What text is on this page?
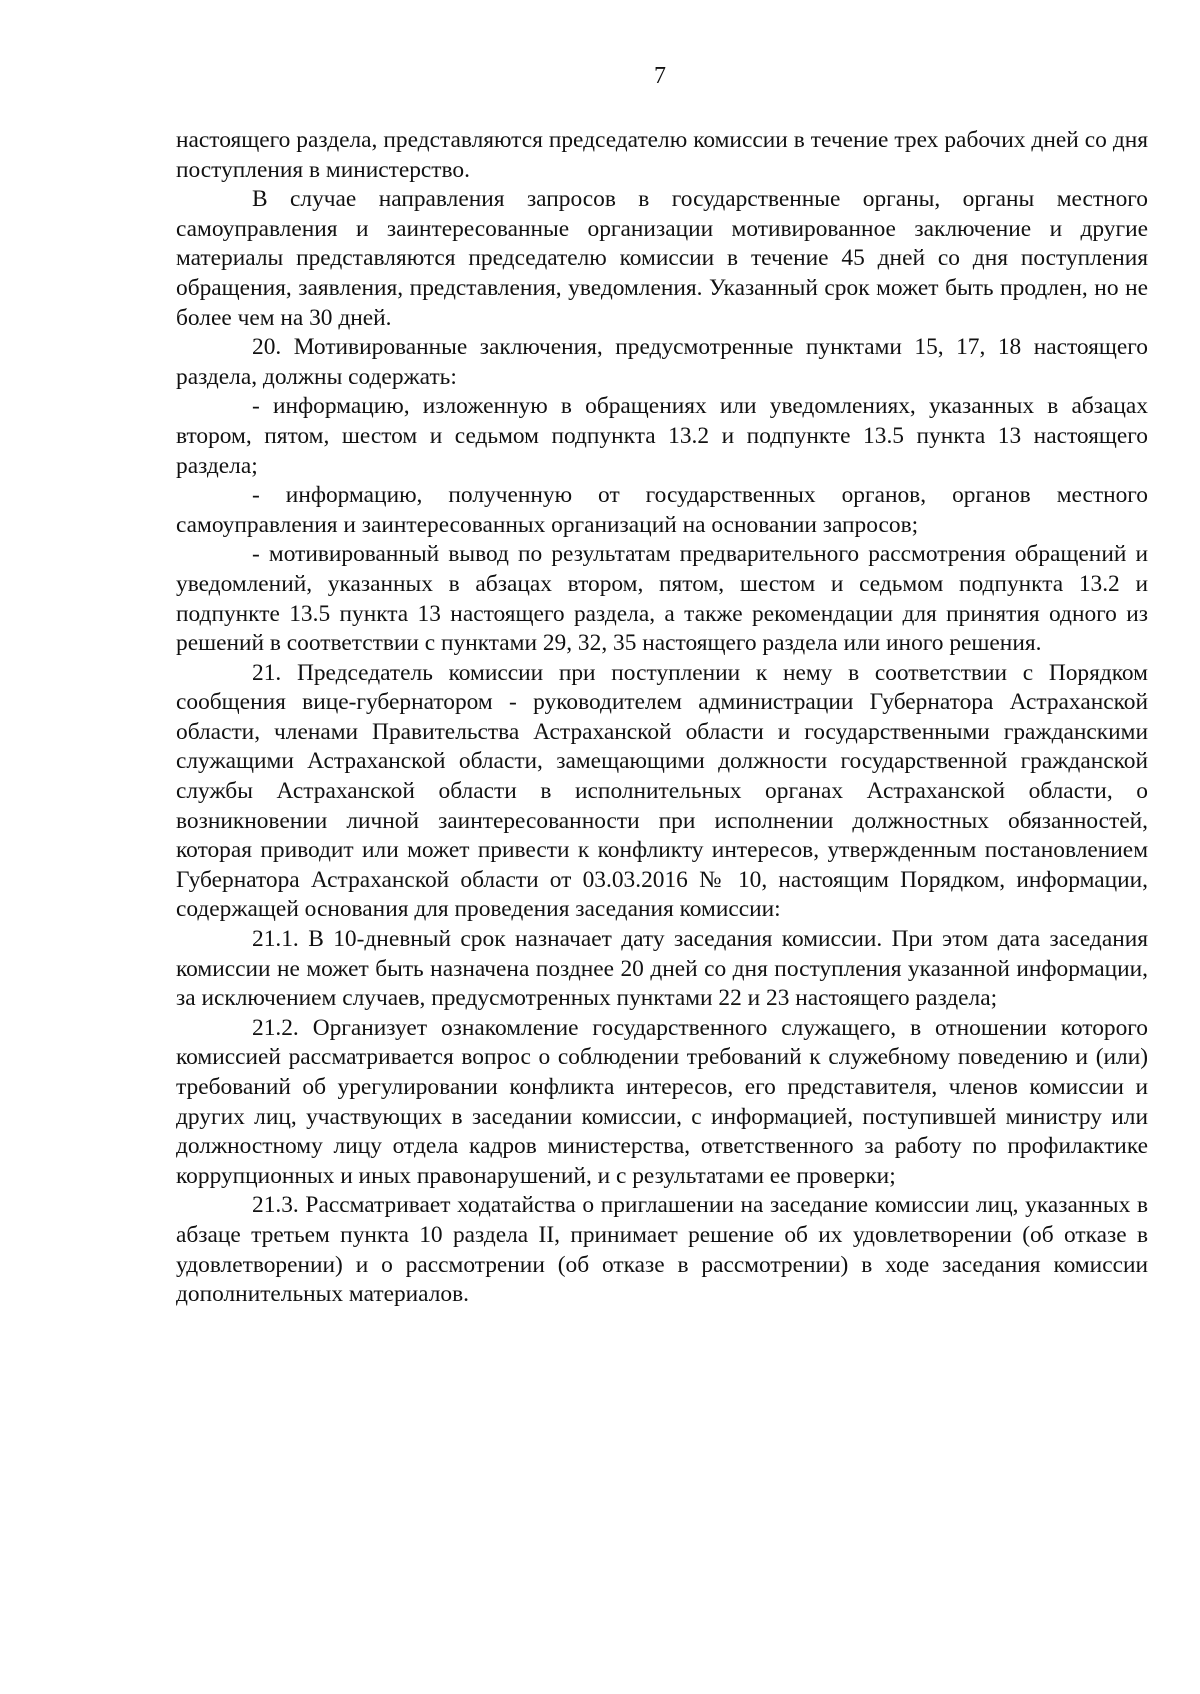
7

настоящего раздела, представляются председателю комиссии в течение трех рабочих дней со дня поступления в министерство.

В случае направления запросов в государственные органы, органы местного самоуправления и заинтересованные организации мотивированное заключение и другие материалы представляются председателю комиссии в течение 45 дней со дня поступления обращения, заявления, представления, уведомления. Указанный срок может быть продлен, но не более чем на 30 дней.

20. Мотивированные заключения, предусмотренные пунктами 15, 17, 18 настоящего раздела, должны содержать:

- информацию, изложенную в обращениях или уведомлениях, указанных в абзацах втором, пятом, шестом и седьмом подпункта 13.2 и подпункте 13.5 пункта 13 настоящего раздела;

- информацию, полученную от государственных органов, органов местного самоуправления и заинтересованных организаций на основании запросов;

- мотивированный вывод по результатам предварительного рассмотрения обращений и уведомлений, указанных в абзацах втором, пятом, шестом и седьмом подпункта 13.2 и подпункте 13.5 пункта 13 настоящего раздела, а также рекомендации для принятия одного из решений в соответствии с пунктами 29, 32, 35 настоящего раздела или иного решения.

21. Председатель комиссии при поступлении к нему в соответствии с Порядком сообщения вице-губернатором - руководителем администрации Губернатора Астраханской области, членами Правительства Астраханской области и государственными гражданскими служащими Астраханской области, замещающими должности государственной гражданской службы Астраханской области в исполнительных органах Астраханской области, о возникновении личной заинтересованности при исполнении должностных обязанностей, которая приводит или может привести к конфликту интересов, утвержденным постановлением Губернатора Астраханской области от 03.03.2016 № 10, настоящим Порядком, информации, содержащей основания для проведения заседания комиссии:

21.1. В 10-дневный срок назначает дату заседания комиссии. При этом дата заседания комиссии не может быть назначена позднее 20 дней со дня поступления указанной информации, за исключением случаев, предусмотренных пунктами 22 и 23 настоящего раздела;

21.2. Организует ознакомление государственного служащего, в отношении которого комиссией рассматривается вопрос о соблюдении требований к служебному поведению и (или) требований об урегулировании конфликта интересов, его представителя, членов комиссии и других лиц, участвующих в заседании комиссии, с информацией, поступившей министру или должностному лицу отдела кадров министерства, ответственного за работу по профилактике коррупционных и иных правонарушений, и с результатами ее проверки;

21.3. Рассматривает ходатайства о приглашении на заседание комиссии лиц, указанных в абзаце третьем пункта 10 раздела II, принимает решение об их удовлетворении (об отказе в удовлетворении) и о рассмотрении (об отказе в рассмотрении) в ходе заседания комиссии дополнительных материалов.
